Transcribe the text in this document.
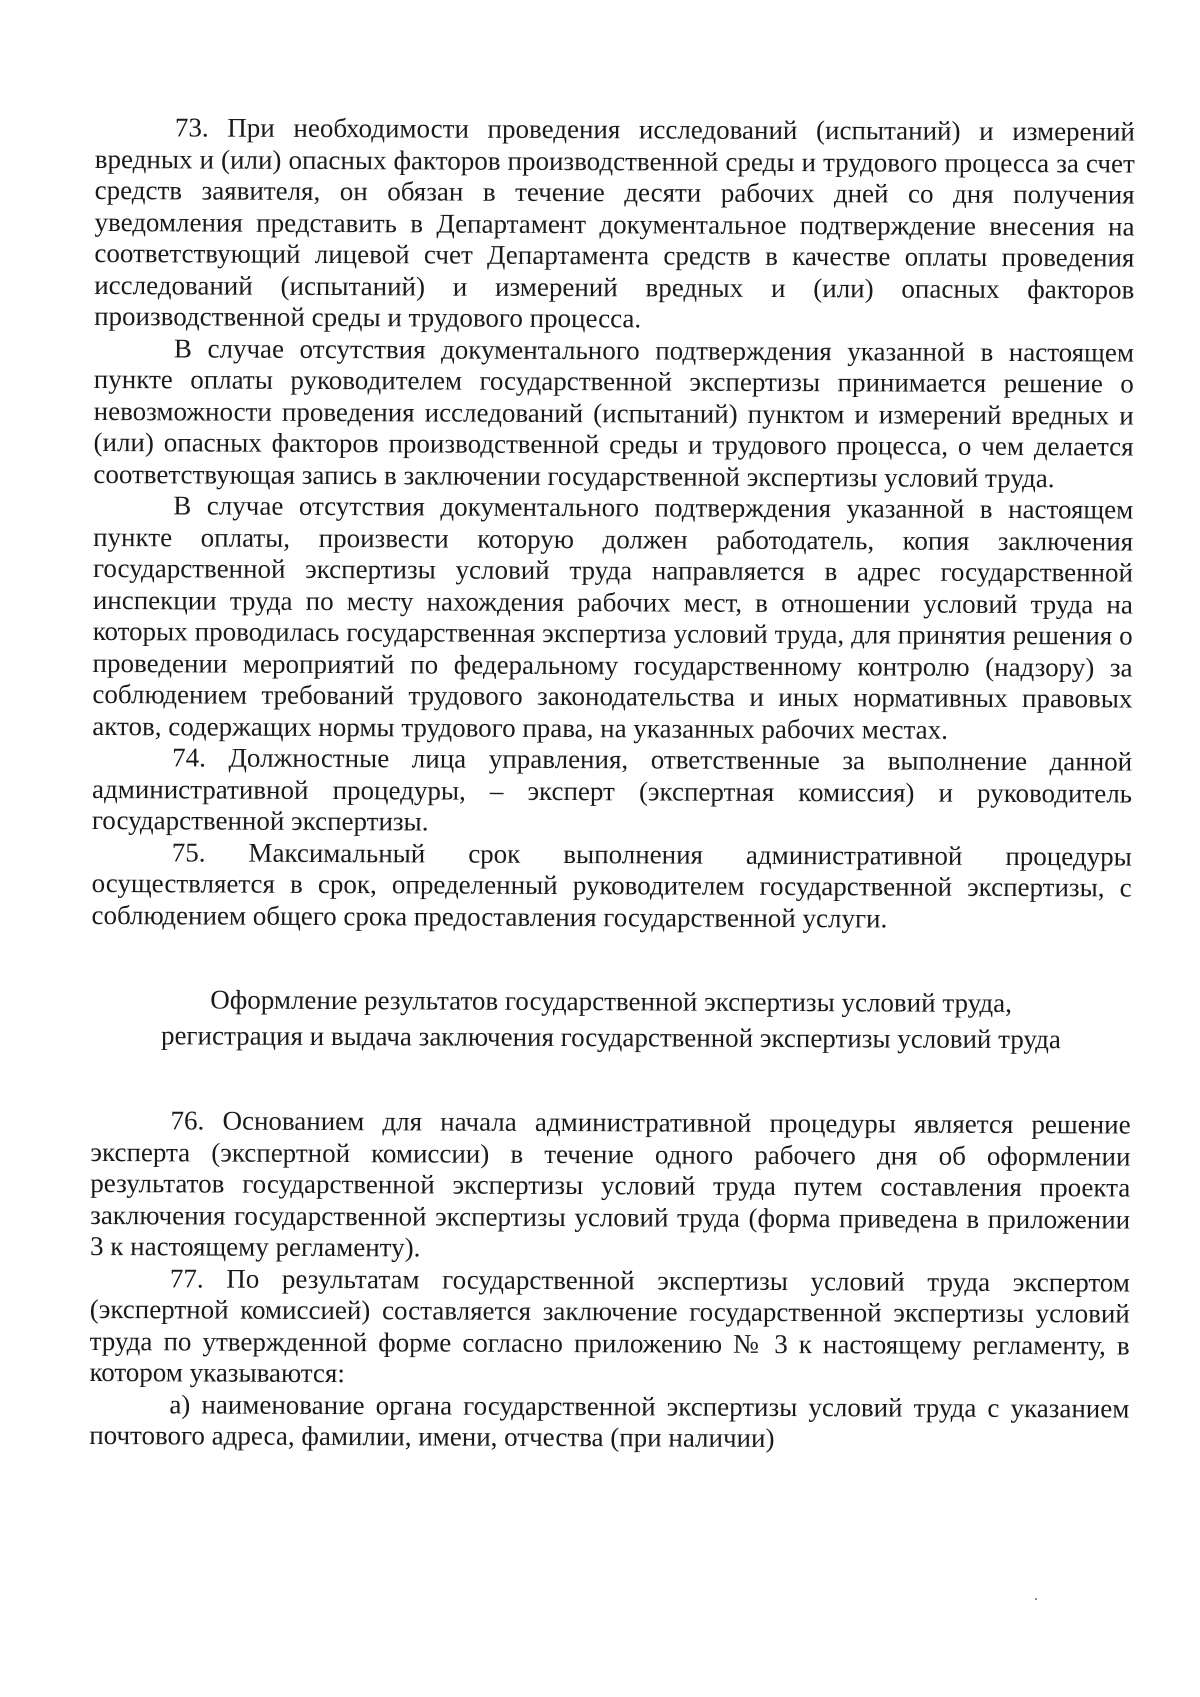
73. При необходимости проведения исследований (испытаний) и измерений вредных и (или) опасных факторов производственной среды и трудового процесса за счет средств заявителя, он обязан в течение десяти рабочих дней со дня получения уведомления представить в Департамент документальное подтверждение внесения на соответствующий лицевой счет Департамента средств в качестве оплаты проведения исследований (испытаний) и измерений вредных и (или) опасных факторов производственной среды и трудового процесса.

В случае отсутствия документального подтверждения указанной в настоящем пункте оплаты руководителем государственной экспертизы принимается решение о невозможности проведения исследований (испытаний) пунктом и измерений вредных и (или) опасных факторов производственной среды и трудового процесса, о чем делается соответствующая запись в заключении государственной экспертизы условий труда.

В случае отсутствия документального подтверждения указанной в настоящем пункте оплаты, произвести которую должен работодатель, копия заключения государственной экспертизы условий труда направляется в адрес государственной инспекции труда по месту нахождения рабочих мест, в отношении условий труда на которых проводилась государственная экспертиза условий труда, для принятия решения о проведении мероприятий по федеральному государственному контролю (надзору) за соблюдением требований трудового законодательства и иных нормативных правовых актов, содержащих нормы трудового права, на указанных рабочих местах.

74. Должностные лица управления, ответственные за выполнение данной административной процедуры, – эксперт (экспертная комиссия) и руководитель государственной экспертизы.

75. Максимальный срок выполнения административной процедуры осуществляется в срок, определенный руководителем государственной экспертизы, с соблюдением общего срока предоставления государственной услуги.

Оформление результатов государственной экспертизы условий труда,

регистрация и выдача заключения государственной экспертизы условий труда

76. Основанием для начала административной процедуры является решение эксперта (экспертной комиссии) в течение одного рабочего дня об оформлении результатов государственной экспертизы условий труда путем составления проекта заключения государственной экспертизы условий труда (форма приведена в приложении 3 к настоящему регламенту).

77. По результатам государственной экспертизы условий труда экспертом (экспертной комиссией) составляется заключение государственной экспертизы условий труда по утвержденной форме согласно приложению № 3 к настоящему регламенту, в котором указываются:

а) наименование органа государственной экспертизы условий труда с указанием почтового адреса, фамилии, имени, отчества (при наличии)
